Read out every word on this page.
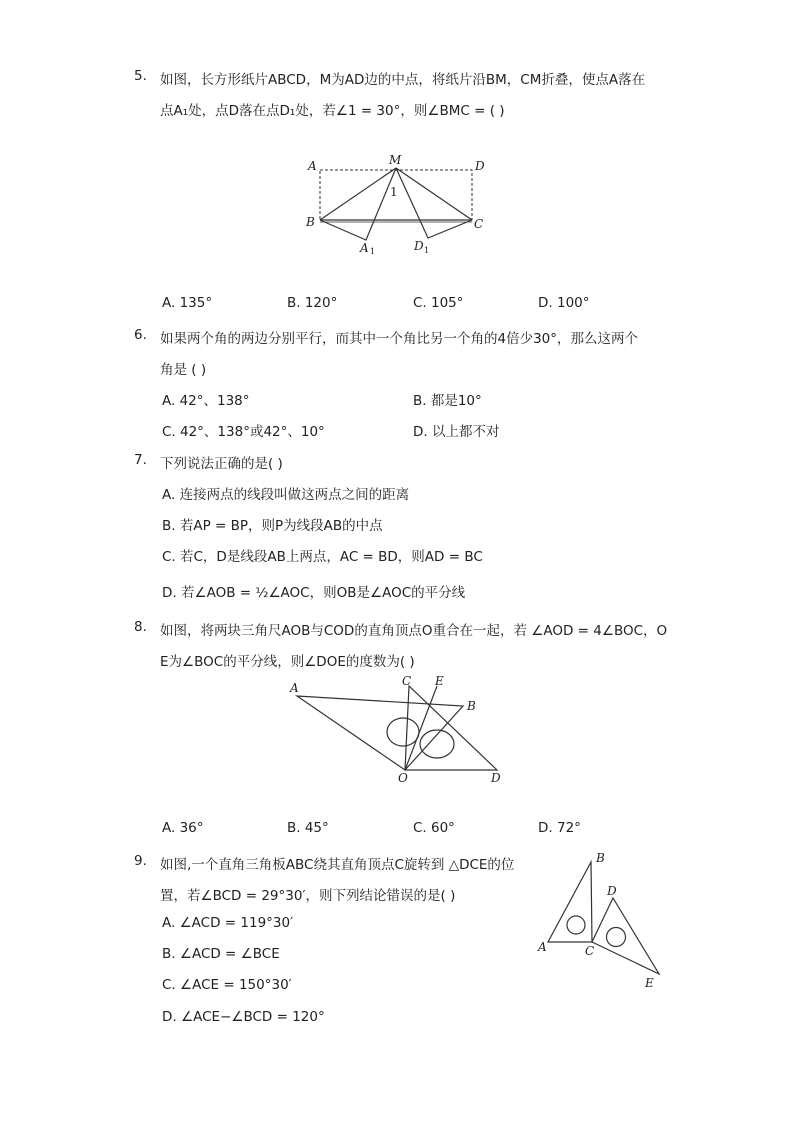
5. 如图，长方形纸片ABCD，M为AD边的中点，将纸片沿BM，CM折叠，使点A落在
点A₁处，点D落在点D₁处，若∠1 = 30°，则∠BMC = ( )
A	M	D
B	C
A 1	D 1
1
A. 135°	B. 120°	C. 105°	D. 100°
6. 如果两个角的两边分别平行，而其中一个角比另一个角的4倍少30°，那么这两个
角是 ( )
A. 42°、138°	B. 都是10°
C. 42°、138°或42°、10°	D. 以上都不对
7. 下列说法正确的是( )
A. 连接两点的线段叫做这两点之间的距离
B. 若AP = BP，则P为线段AB的中点
C. 若C，D是线段AB上两点，AC = BD，则AD = BC
D. 若∠AOB = ½∠AOC，则OB是∠AOC的平分线
8. 如图，将两块三角尺AOB与COD的直角顶点O重合在一起，若 ∠AOD = 4∠BOC，O
E为∠BOC的平分线，则∠DOE的度数为( )
A	C E
B
O	D
A. 36°	B. 45°	C. 60°	D. 72°
9. 如图,一个直角三角板ABC绕其直角顶点C旋转到 △DCE的位
置，若∠BCD = 29°30′，则下列结论错误的是( )
B
A	C
D
E
A. ∠ACD = 119°30′
B. ∠ACD = ∠BCE
C. ∠ACE = 150°30′
D. ∠ACE−∠BCD = 120°
